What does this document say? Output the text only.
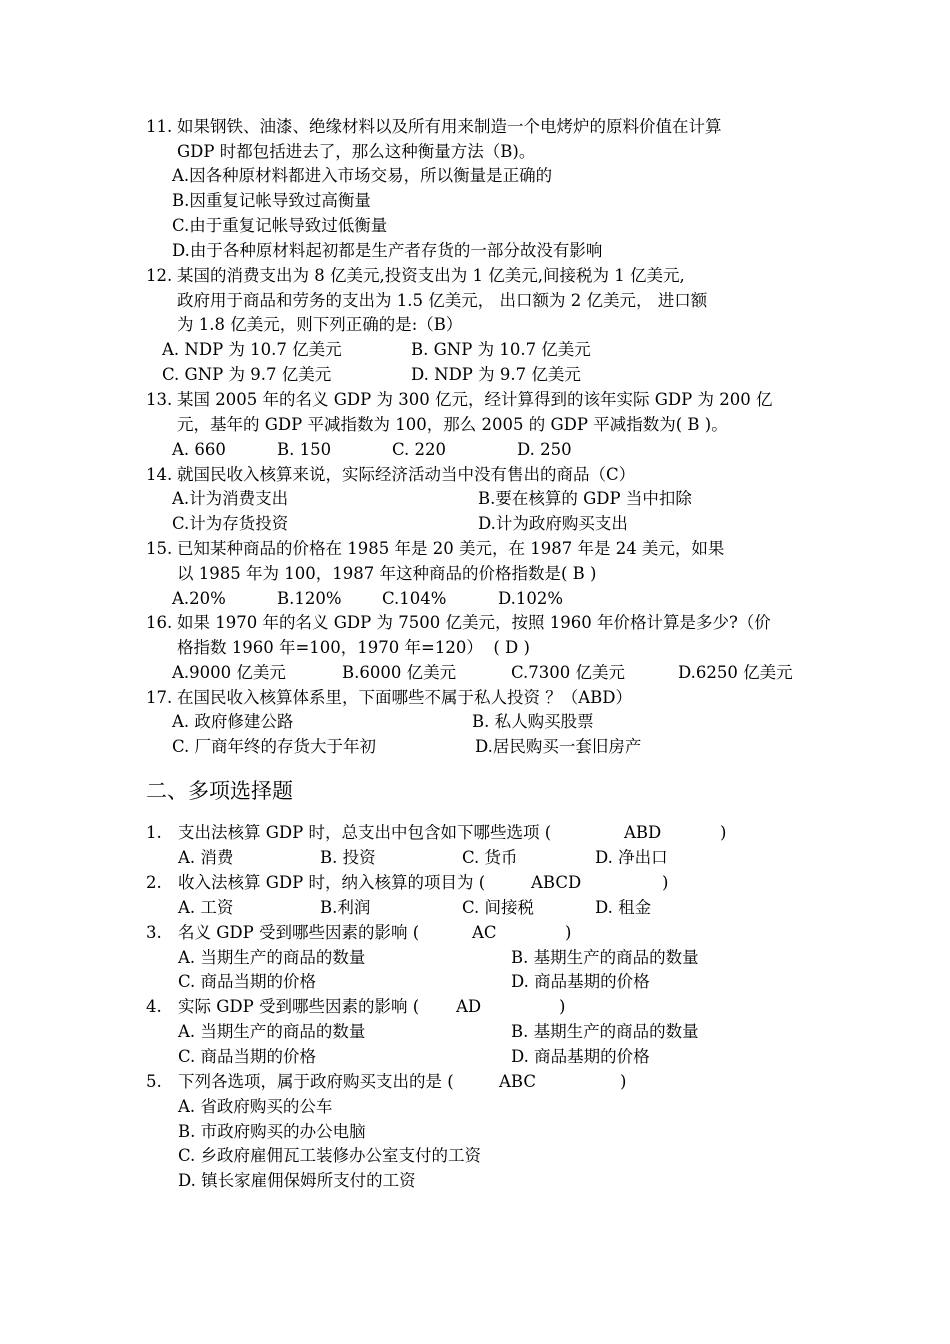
11. 如果钢铁、油漆、绝缘材料以及所有用来制造一个电烤炉的原料价值在计算
GDP 时都包括进去了，那么这种衡量方法（B)。
A.因各种原材料都进入市场交易，所以衡量是正确的
B.因重复记帐导致过高衡量
C.由于重复记帐导致过低衡量
D.由于各种原材料起初都是生产者存货的一部分故没有影响
12. 某国的消费支出为 8 亿美元,投资支出为 1 亿美元,间接税为 1 亿美元,
政府用于商品和劳务的支出为 1.5 亿美元， 出口额为 2 亿美元， 进口额
为 1.8 亿美元，则下列正确的是:（B）
A. NDP 为 10.7 亿美元	B. GNP 为 10.7 亿美元
C. GNP 为 9.7 亿美元	D. NDP 为 9.7 亿美元
13. 某国 2005 年的名义 GDP 为 300 亿元，经计算得到的该年实际 GDP 为 200 亿
元，基年的 GDP 平减指数为 100，那么 2005 的 GDP 平减指数为( B )。
A. 660	B. 150	C. 220	D. 250
14. 就国民收入核算来说，实际经济活动当中没有售出的商品（C）
A.计为消费支出	B.要在核算的 GDP 当中扣除
C.计为存货投资	D.计为政府购买支出
15. 已知某种商品的价格在 1985 年是 20 美元，在 1987 年是 24 美元，如果
以 1985 年为 100，1987 年这种商品的价格指数是( B )
A.20%	B.120% C.104%	D.102%
16. 如果 1970 年的名义 GDP 为 7500 亿美元，按照 1960 年价格计算是多少?（价
格指数 1960 年=100，1970 年=120）  ( D )
A.9000 亿美元	B.6000 亿美元	C.7300 亿美元	D.6250 亿美元
17. 在国民收入核算体系里，下面哪些不属于私人投资 ？（ABD）
A. 政府修建公路	B. 私人购买股票
C. 厂商年终的存货大于年初	D.居民购买一套旧房产
二、多项选择题
1. 支出法核算 GDP 时，总支出中包含如下哪些选项 (	ABD	)
A. 消费	B. 投资	C. 货币	D. 净出口
2. 收入法核算 GDP 时，纳入核算的项目为 (	ABCD	)
A. 工资	B.利润	C. 间接税	D. 租金
3. 名义 GDP 受到哪些因素的影响 (	AC	)
A. 当期生产的商品的数量	B. 基期生产的商品的数量
C. 商品当期的价格	D. 商品基期的价格
4. 实际 GDP 受到哪些因素的影响 ( AD	)
A. 当期生产的商品的数量	B. 基期生产的商品的数量
C. 商品当期的价格	D. 商品基期的价格
5. 下列各选项，属于政府购买支出的是 (	ABC	)
A. 省政府购买的公车
B. 市政府购买的办公电脑
C. 乡政府雇佣瓦工装修办公室支付的工资
D. 镇长家雇佣保姆所支付的工资
